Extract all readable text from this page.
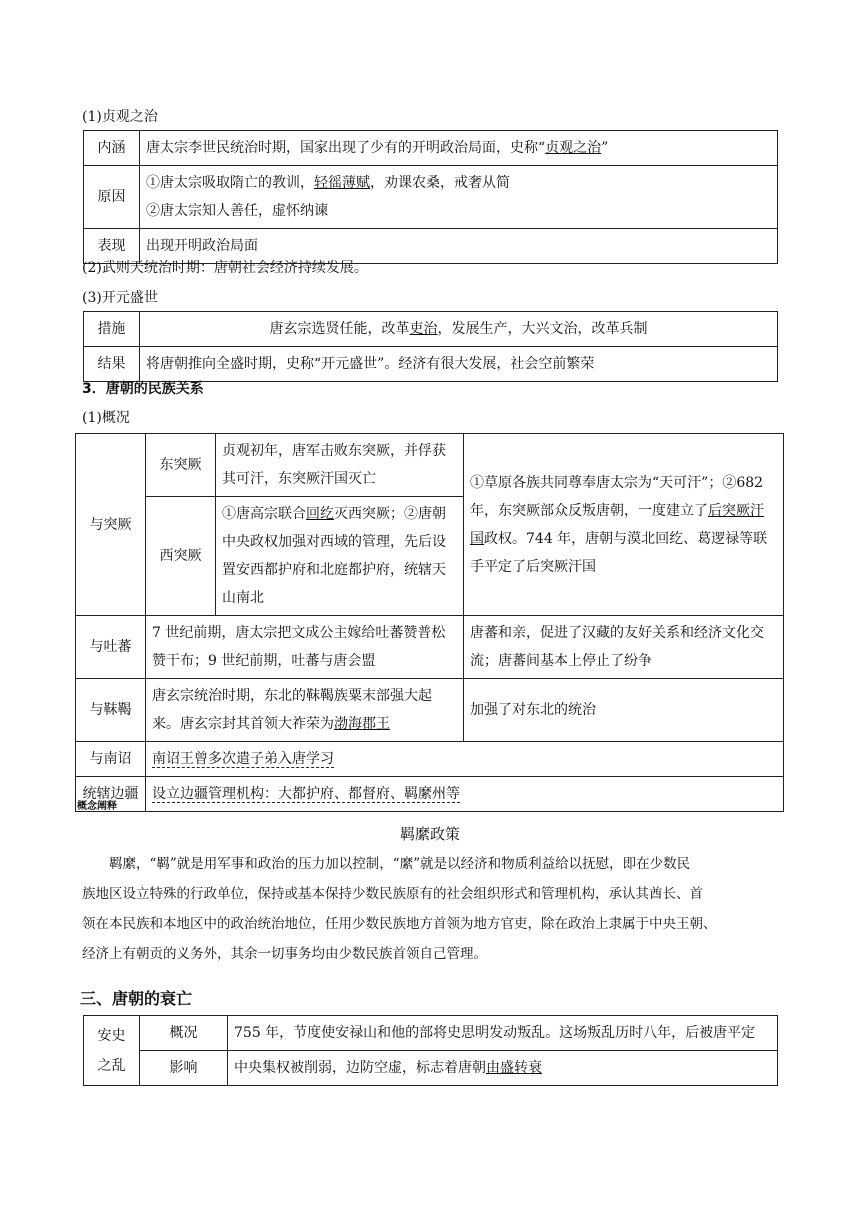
(1)贞观之治
内涵	唐太宗李世民统治时期，国家出现了少有的开明政治局面，史称“贞观之治”
原因	①唐太宗吸取隋亡的教训，轻徭薄赋，劝课农桑，戒奢从简
②唐太宗知人善任，虚怀纳谏

表现	出现开明政治局面
(2)武则天统治时期：唐朝社会经济持续发展。
(3)开元盛世
措施	唐玄宗选贤任能，改革吏治，发展生产，大兴文治，改革兵制
结果	将唐朝推向全盛时期，史称“开元盛世”。经济有很大发展，社会空前繁荣
3．唐朝的民族关系
(1)概况
与突厥	东突厥	贞观初年，唐军击败东突厥，并俘获其可汗，东突厥汗国灭亡	①草原各族共同尊奉唐太宗为“天可汗”；②682 年，东突厥部众反叛唐朝，一度建立了后突厥汗国政权。744 年，唐朝与漠北回纥、葛逻禄等联手平定了后突厥汗国
	西突厥	①唐高宗联合回纥灭西突厥；②唐朝中央政权加强对西域的管理，先后设置安西都护府和北庭都护府，统辖天山南北	
与吐蕃	7 世纪前期，唐太宗把文成公主嫁给吐蕃赞普松赞干布；9 世纪前期，吐蕃与唐会盟		唐蕃和亲，促进了汉藏的友好关系和经济文化交流；唐蕃间基本上停止了纷争
与靺鞨	唐玄宗统治时期，东北的靺鞨族粟末部强大起来。唐玄宗封其首领大祚荣为渤海郡王		加强了对东北的统治
与南诏	南诏王曾多次遣子弟入唐学习		
统辖边疆	设立边疆管理机构：大都护府、都督府、羁縻州等		
概念阐释
羁縻政策
羁縻，“羁”就是用军事和政治的压力加以控制，“縻”就是以经济和物质利益给以抚慰，即在少数民
族地区设立特殊的行政单位，保持或基本保持少数民族原有的社会组织形式和管理机构，承认其酋长、首
领在本民族和本地区中的政治统治地位，任用少数民族地方首领为地方官吏，除在政治上隶属于中央王朝、
经济上有朝贡的义务外，其余一切事务均由少数民族首领自己管理。
三、唐朝的衰亡
安史
之乱	概况	755 年，节度使安禄山和他的部将史思明发动叛乱。这场叛乱历时八年，后被唐平定
	影响	中央集权被削弱，边防空虚，标志着唐朝由盛转衰
